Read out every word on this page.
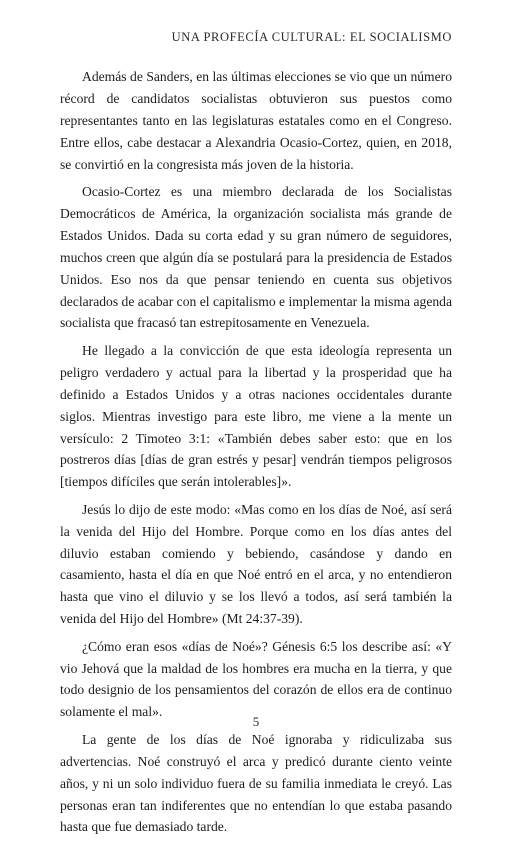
UNA PROFECÍA CULTURAL: EL SOCIALISMO

Además de Sanders, en las últimas elecciones se vio que un número récord de candidatos socialistas obtuvieron sus puestos como representantes tanto en las legislaturas estatales como en el Congreso. Entre ellos, cabe destacar a Alexandria Ocasio-Cortez, quien, en 2018, se convirtió en la congresista más joven de la historia.

Ocasio-Cortez es una miembro declarada de los Socialistas Democráticos de América, la organización socialista más grande de Estados Unidos. Dada su corta edad y su gran número de seguidores, muchos creen que algún día se postulará para la presidencia de Estados Unidos. Eso nos da que pensar teniendo en cuenta sus objetivos declarados de acabar con el capitalismo e implementar la misma agenda socialista que fracasó tan estrepitosamente en Venezuela.

He llegado a la convicción de que esta ideología representa un peligro verdadero y actual para la libertad y la prosperidad que ha definido a Estados Unidos y a otras naciones occidentales durante siglos. Mientras investigo para este libro, me viene a la mente un versículo: 2 Timoteo 3:1: «También debes saber esto: que en los postreros días [días de gran estrés y pesar] vendrán tiempos peligrosos [tiempos difíciles que serán intolerables]».

Jesús lo dijo de este modo: «Mas como en los días de Noé, así será la venida del Hijo del Hombre. Porque como en los días antes del diluvio estaban comiendo y bebiendo, casándose y dando en casamiento, hasta el día en que Noé entró en el arca, y no entendieron hasta que vino el diluvio y se los llevó a todos, así será también la venida del Hijo del Hombre» (Mt 24:37-39).

¿Cómo eran esos «días de Noé»? Génesis 6:5 los describe así: «Y vio Jehová que la maldad de los hombres era mucha en la tierra, y que todo designio de los pensamientos del corazón de ellos era de continuo solamente el mal».

La gente de los días de Noé ignoraba y ridiculizaba sus advertencias. Noé construyó el arca y predicó durante ciento veinte años, y ni un solo individuo fuera de su familia inmediata le creyó. Las personas eran tan indiferentes que no entendían lo que estaba pasando hasta que fue demasiado tarde.

5
